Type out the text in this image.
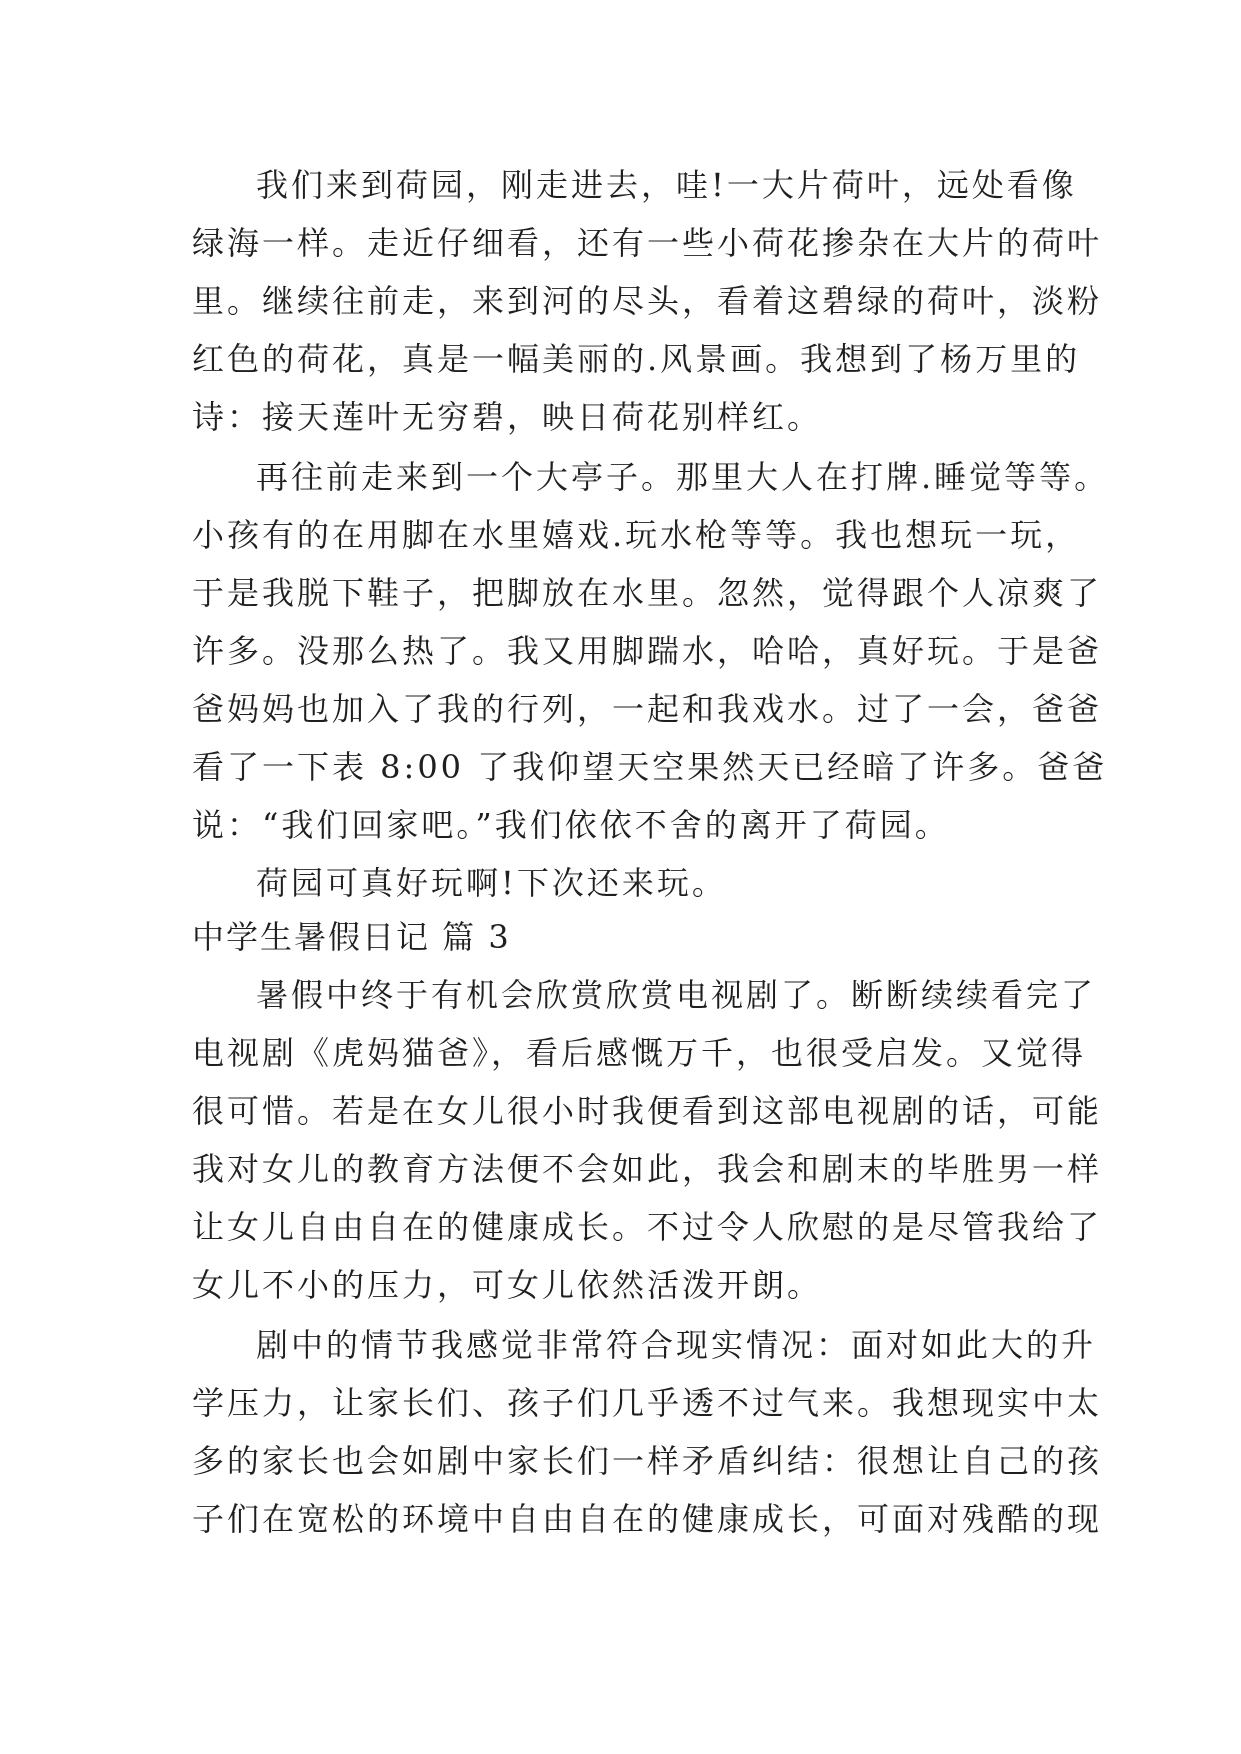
我们来到荷园，刚走进去，哇!一大片荷叶，远处看像
绿海一样。走近仔细看，还有一些小荷花掺杂在大片的荷叶
里。继续往前走，来到河的尽头，看着这碧绿的荷叶，淡粉
红色的荷花，真是一幅美丽的.风景画。我想到了杨万里的
诗：接天莲叶无穷碧，映日荷花别样红。
再往前走来到一个大亭子。那里大人在打牌.睡觉等等。
小孩有的在用脚在水里嬉戏.玩水枪等等。我也想玩一玩，
于是我脱下鞋子，把脚放在水里。忽然，觉得跟个人凉爽了
许多。没那么热了。我又用脚踹水，哈哈，真好玩。于是爸
爸妈妈也加入了我的行列，一起和我戏水。过了一会，爸爸
看了一下表 8:00 了我仰望天空果然天已经暗了许多。爸爸
说：“我们回家吧。”我们依依不舍的离开了荷园。
荷园可真好玩啊!下次还来玩。
中学生暑假日记 篇 3
暑假中终于有机会欣赏欣赏电视剧了。断断续续看完了
电视剧《虎妈猫爸》，看后感慨万千，也很受启发。又觉得
很可惜。若是在女儿很小时我便看到这部电视剧的话，可能
我对女儿的教育方法便不会如此，我会和剧末的毕胜男一样
让女儿自由自在的健康成长。不过令人欣慰的是尽管我给了
女儿不小的压力，可女儿依然活泼开朗。
剧中的情节我感觉非常符合现实情况：面对如此大的升
学压力，让家长们、孩子们几乎透不过气来。我想现实中太
多的家长也会如剧中家长们一样矛盾纠结：很想让自己的孩
子们在宽松的环境中自由自在的健康成长，可面对残酷的现
